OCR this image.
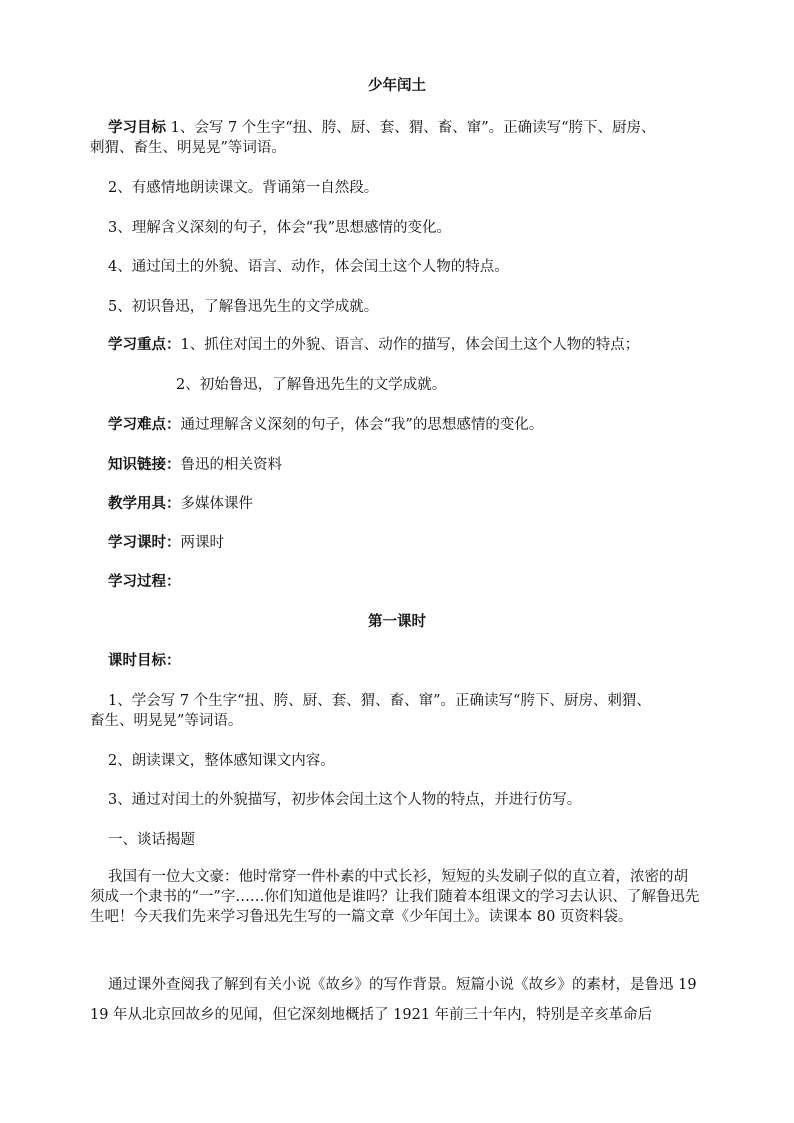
少年闰土
学习目标 1、会写 7 个生字“扭、胯、厨、套、猬、畜、窜”。正确读写“胯下、厨房、
刺猬、畜生、明晃晃”等词语。
2、有感情地朗读课文。背诵第一自然段。
3、理解含义深刻的句子，体会“我”思想感情的变化。
4、通过闰土的外貌、语言、动作，体会闰土这个人物的特点。
5、初识鲁迅，了解鲁迅先生的文学成就。
学习重点：1、抓住对闰土的外貌、语言、动作的描写，体会闰土这个人物的特点；
2、初始鲁迅，了解鲁迅先生的文学成就。
学习难点：通过理解含义深刻的句子，体会“我”的思想感情的变化。
知识链接：鲁迅的相关资料
教学用具：多媒体课件
学习课时：两课时
学习过程：
第一课时
课时目标：
1、学会写 7 个生字“扭、胯、厨、套、猬、畜、窜”。正确读写“胯下、厨房、刺猬、
畜生、明晃晃”等词语。
2、朗读课文，整体感知课文内容。
3、通过对闰土的外貌描写，初步体会闰土这个人物的特点，并进行仿写。
一、谈话揭题
我国有一位大文豪：他时常穿一件朴素的中式长衫，短短的头发刷子似的直立着，浓密的胡须成一个隶书的“一”字……你们知道他是谁吗？让我们随着本组课文的学习去认识、了解鲁迅先生吧！今天我们先来学习鲁迅先生写的一篇文章《少年闰土》。读课本 80 页资料袋。
通过课外查阅我了解到有关小说《故乡》的写作背景。短篇小说《故乡》的素材，是鲁迅 1919 年从北京回故乡的见闻，但它深刻地概括了 1921 年前三十年内，特别是辛亥革命后
